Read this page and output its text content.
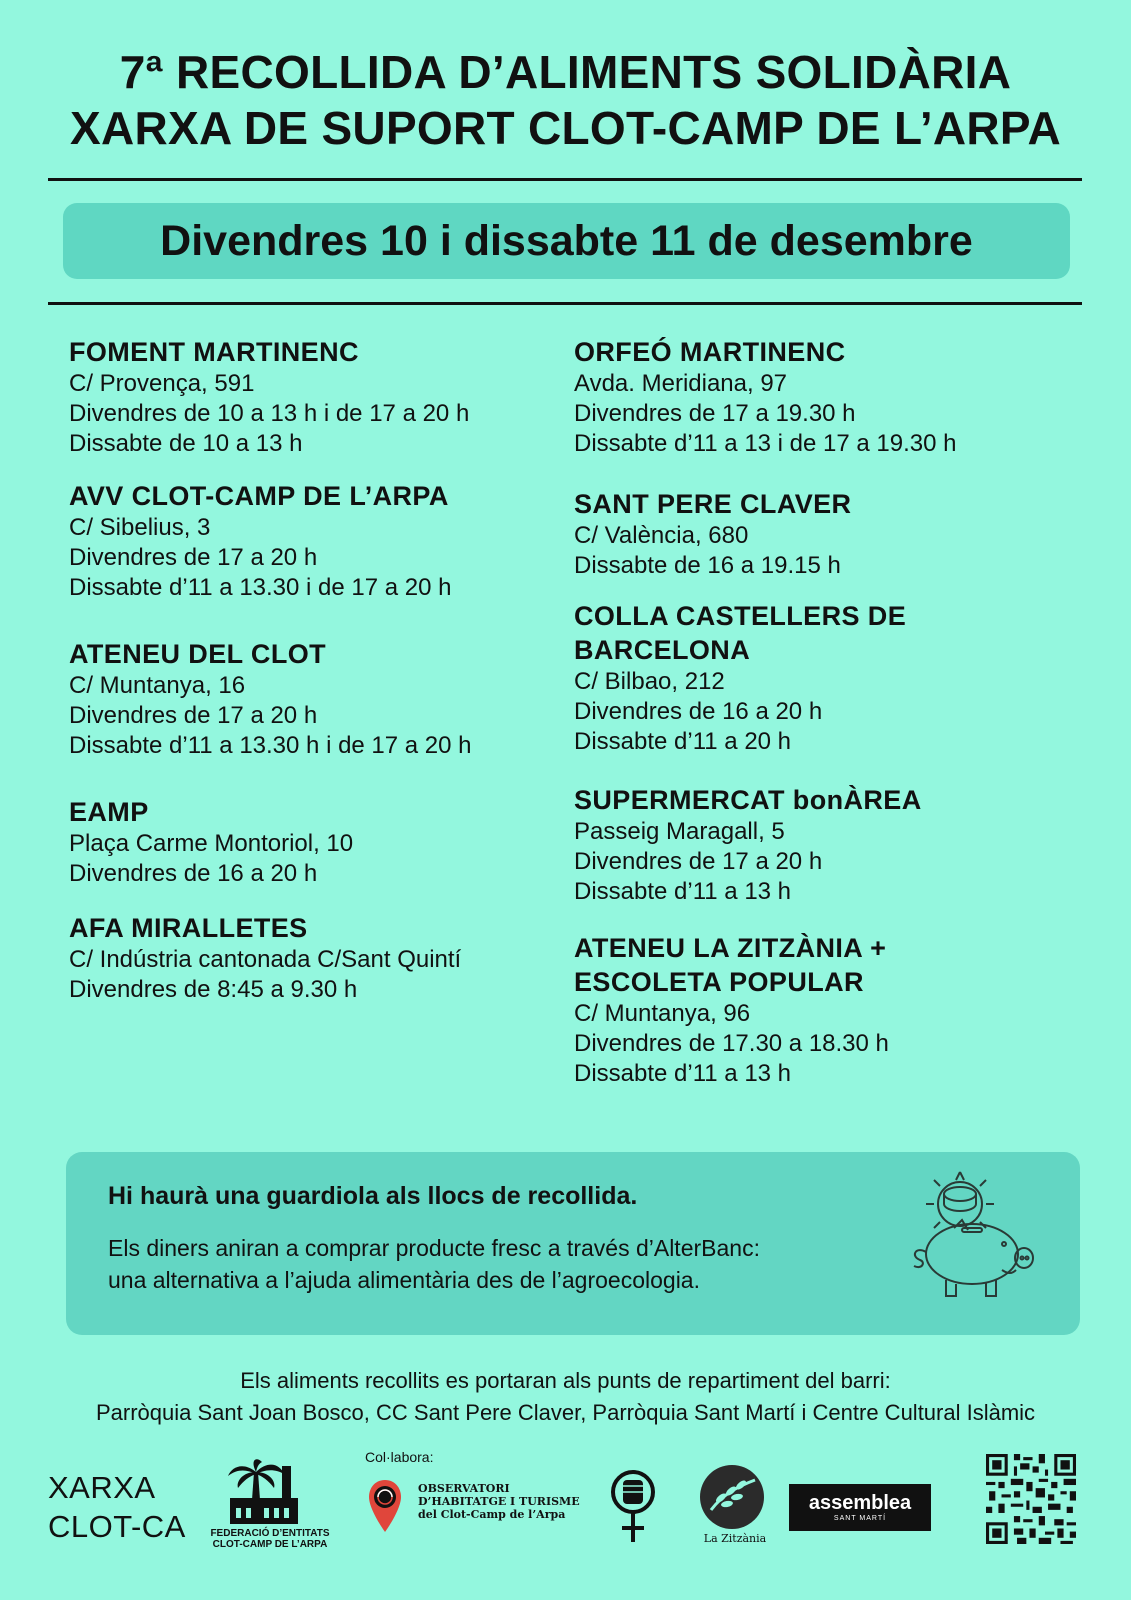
7ª RECOLLIDA D’ALIMENTS SOLIDÀRIA
XARXA DE SUPORT CLOT-CAMP DE L’ARPA
Divendres 10 i dissabte 11 de desembre
FOMENT MARTINENC
C/ Provença, 591
Divendres de 10 a 13 h i de 17 a 20 h
Dissabte de 10 a 13 h
AVV CLOT-CAMP DE L’ARPA
C/ Sibelius, 3
Divendres de 17 a 20 h
Dissabte d’11 a 13.30 i de 17 a 20 h
ATENEU DEL CLOT
C/ Muntanya, 16
Divendres de 17 a 20 h
Dissabte d’11 a 13.30 h i de 17 a 20 h
EAMP
Plaça Carme Montoriol, 10
Divendres de 16 a 20 h
AFA MIRALLETES
C/ Indústria cantonada C/Sant Quintí
Divendres de 8:45 a 9.30 h
ORFEÓ MARTINENC
Avda. Meridiana, 97
Divendres de 17 a 19.30 h
Dissabte d’11 a 13 i de 17 a 19.30 h
SANT PERE CLAVER
C/ València, 680
Dissabte de 16 a 19.15 h
COLLA CASTELLERS DE BARCELONA
C/ Bilbao, 212
Divendres de 16 a 20 h
Dissabte d’11 a 20 h
SUPERMERCAT bonÀREA
Passeig Maragall, 5
Divendres de 17 a 20 h
Dissabte d’11 a 13 h
ATENEU LA ZITZÀNIA + ESCOLETA POPULAR
C/ Muntanya, 96
Divendres de 17.30 a 18.30 h
Dissabte d’11 a 13 h
Hi haurà una guardiola als llocs de recollida.
Els diners aniran a comprar producte fresc a través d’AlterBanc:
una alternativa a l’ajuda alimentària des de l’agroecologia.
Els aliments recollits es portaran als punts de repartiment del barri:
Parròquia Sant Joan Bosco, CC Sant Pere Claver, Parròquia Sant Martí i Centre Cultural Islàmic
XARXA
CLOT-CA	FEDERACIÓ D’ENTITATS
CLOT-CAMP DE L’ARPA
Col·labora:
OBSERVATORI
D’HABITATGE I TURISME
del Clot-Camp de l’Arpa
La Zitzània
assemblea
SANT MARTÍ
